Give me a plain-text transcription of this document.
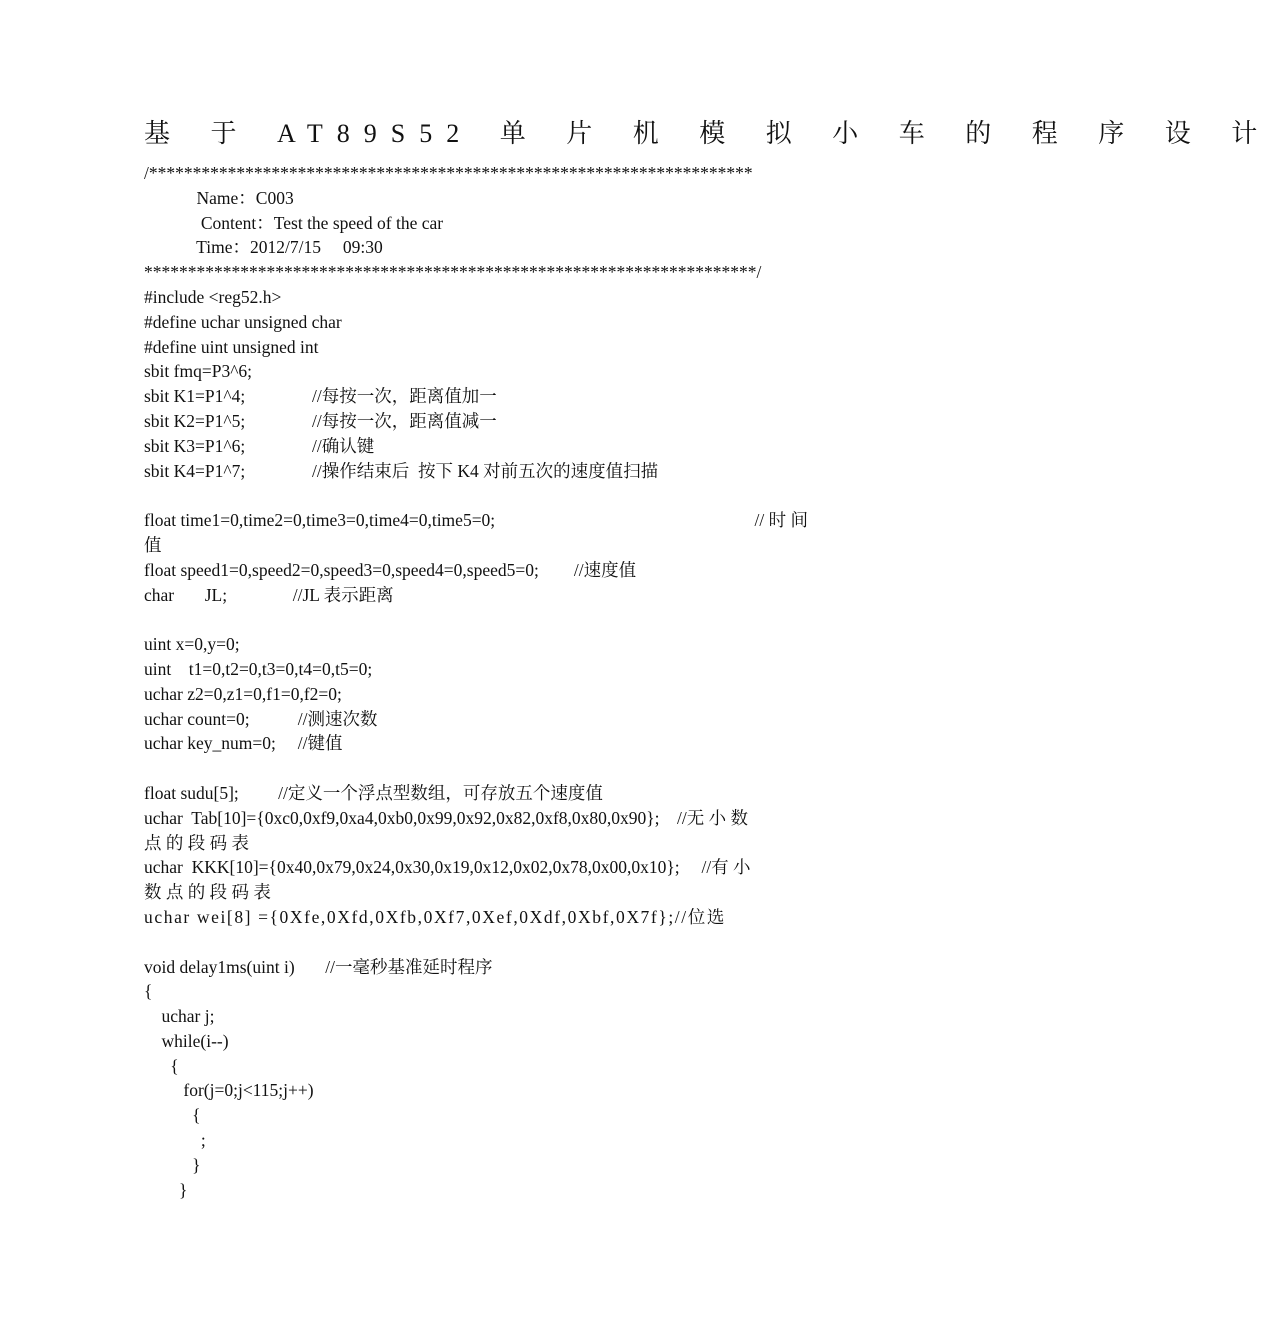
基 于 AT89S52 单 片 机 模 拟 小 车 的 程 序 设 计
/*********************************************************************
Name：C003
Content：Test the speed of the car
Time：2012/7/15     09:30
**********************************************************************/
#include <reg52.h>
#define uchar unsigned char
#define uint unsigned int
sbit fmq=P3^6;
sbit K1=P1^4;	//每按一次，距离值加一
sbit K2=P1^5;	//每按一次，距离值减一
sbit K3=P1^6;	//确认键
sbit K4=P1^7;	//操作结束后  按下 K4 对前五次的速度值扫描
float time1=0,time2=0,time3=0,time4=0,time5=0;	// 时 间
值
float speed1=0,speed2=0,speed3=0,speed4=0,speed5=0;        //速度值
char       JL;               //JL 表示距离
uint x=0,y=0;
uint    t1=0,t2=0,t3=0,t4=0,t5=0;
uchar z2=0,z1=0,f1=0,f2=0;
uchar count=0;           //测速次数
uchar key_num=0;     //键值
float sudu[5];         //定义一个浮点型数组，可存放五个速度值
uchar  Tab[10]={0xc0,0xf9,0xa4,0xb0,0x99,0x92,0x82,0xf8,0x80,0x90};    //无 小 数
点 的 段 码 表
uchar  KKK[10]={0x40,0x79,0x24,0x30,0x19,0x12,0x02,0x78,0x00,0x10};     //有 小
数 点 的 段 码 表
uchar wei[8] ={0Xfe,0Xfd,0Xfb,0Xf7,0Xef,0Xdf,0Xbf,0X7f};//位选
void delay1ms(uint i)       //一毫秒基准延时程序
{
uchar j;
while(i--)
{
for(j=0;j<115;j++)
{
;
}
}
